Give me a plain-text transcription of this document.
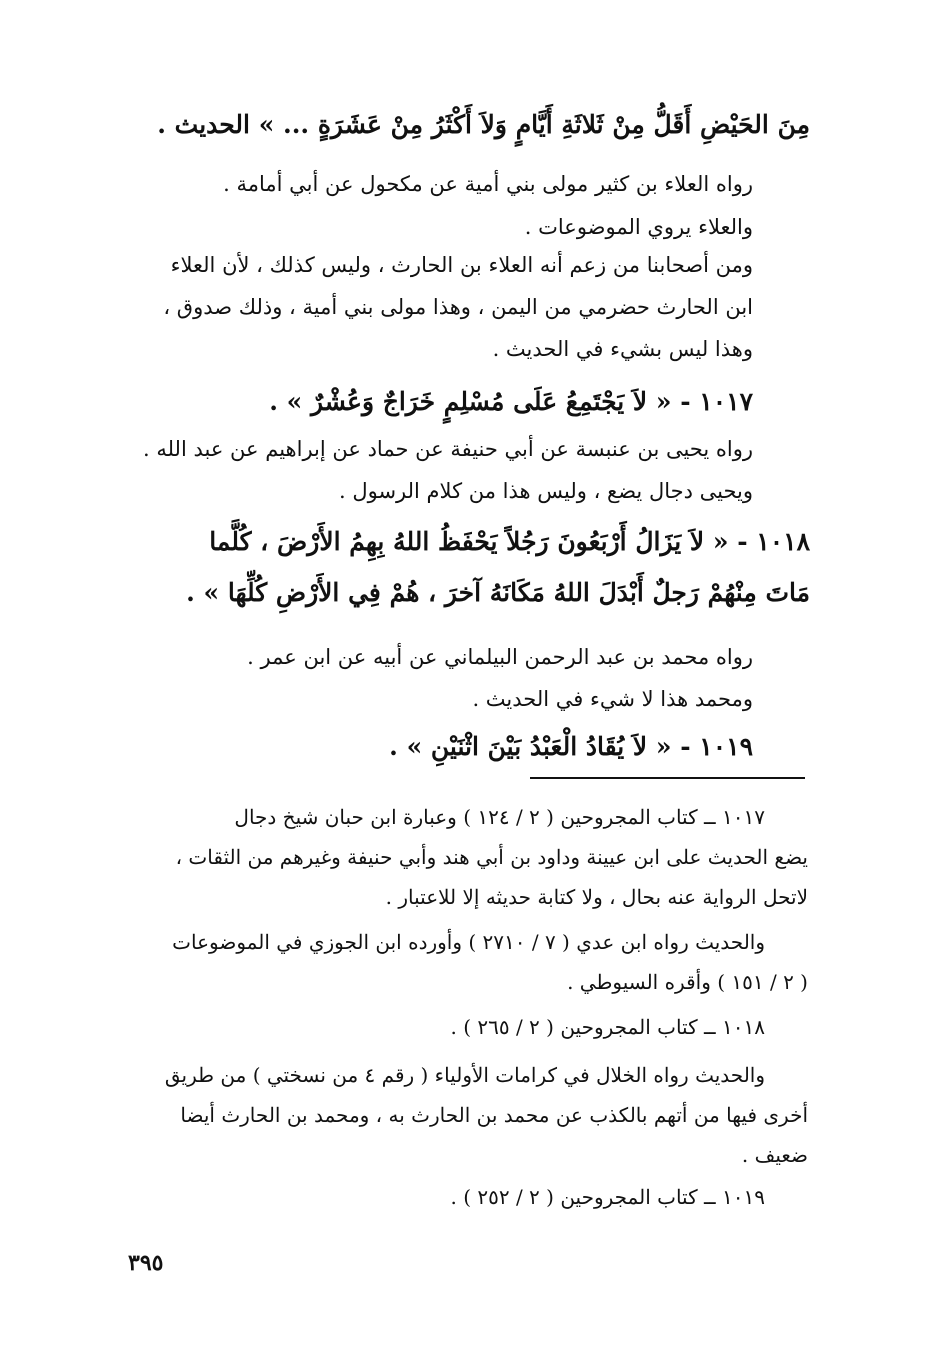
مِنَ الحَيْضِ أَقَلُّ مِنْ ثَلاثَةِ أَيَّامٍ وَلاَ أَكْثَرُ مِنْ عَشَرَةٍ ... » الحديث .
رواه العلاء بن كثير مولى بني أمية عن مكحول عن أبي أمامة .
والعلاء يروي الموضوعات .
ومن أصحابنا من زعم أنه العلاء بن الحارث ، وليس كذلك ، لأن العلاء
ابن الحارث حضرمي من اليمن ، وهذا مولى بني أمية ، وذلك صدوق ،
وهذا ليس بشيء في الحديث .
١٠١٧ - « لاَ يَجْتَمِعُ عَلَى مُسْلِمٍ خَرَاجٌ وَعُشْرٌ » .
رواه يحيى بن عنبسة عن أبي حنيفة عن حماد عن إبراهيم عن عبد الله .
ويحيى دجال يضع ، وليس هذا من كلام الرسول .
١٠١٨ - « لاَ يَزَالُ أَرْبَعُونَ رَجُلاً يَحْفَظُ اللهُ بِهِمُ الأَرْضَ ، كُلَّما
مَاتَ مِنْهُمْ رَجلٌ أَبْدَلَ اللهُ مَكَانَهُ آخرَ ، هُمْ فِي الأَرْضِ كُلِّهَا » .
رواه محمد بن عبد الرحمن البيلماني عن أبيه عن ابن عمر .
ومحمد هذا لا شيء في الحديث .
١٠١٩ - « لاَ يُقَادُ الْعَبْدُ بَيْنَ اثْنَيْنِ » .
١٠١٧ ــ كتاب المجروحين ( ٢ / ١٢٤ ) وعبارة ابن حبان شيخ دجال
يضع الحديث على ابن عيينة وداود بن أبي هند وأبي حنيفة وغيرهم من الثقات ،
لاتحل الرواية عنه بحال ، ولا كتابة حديثه إلا للاعتبار .
والحديث رواه ابن عدي ( ٧ / ٢٧١٠ ) وأورده ابن الجوزي في الموضوعات
( ٢ / ١٥١ ) وأقره السيوطي .
١٠١٨ ــ كتاب المجروحين ( ٢ / ٢٦٥ ) .
والحديث رواه الخلال في كرامات الأولياء ( رقم ٤ من نسختي ) من طريق
أخرى فيها من أتهم بالكذب عن محمد بن الحارث به ، ومحمد بن الحارث أيضا
ضعيف .
١٠١٩ ــ كتاب المجروحين ( ٢ / ٢٥٢ ) .
٣٩٥
